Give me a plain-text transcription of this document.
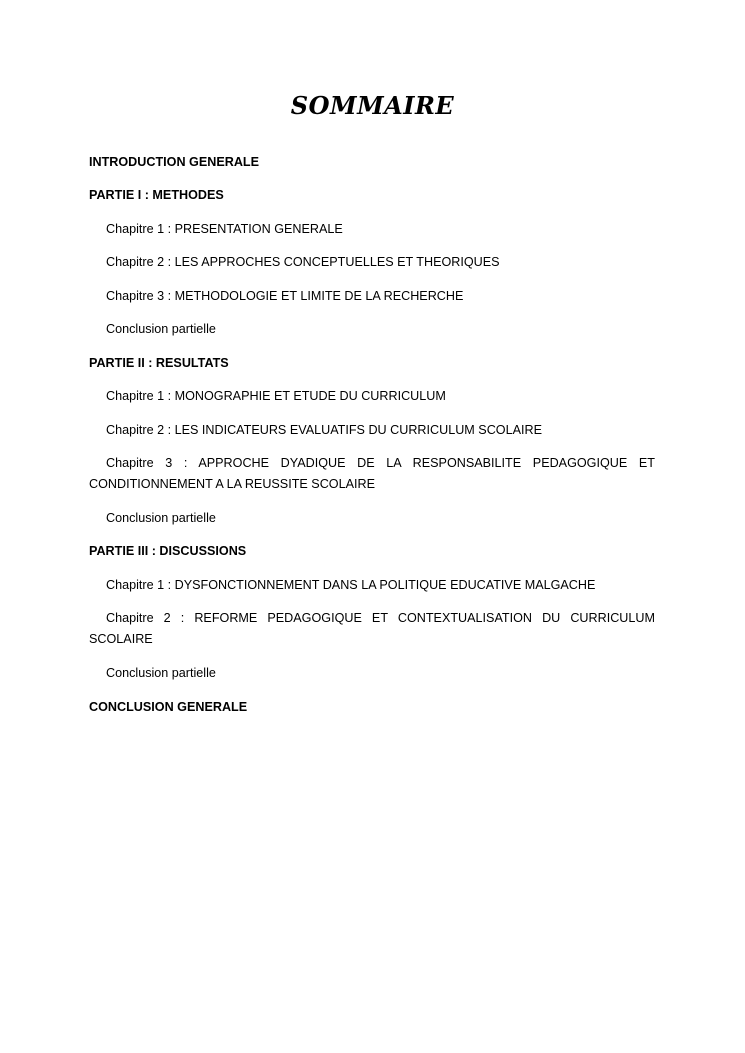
SOMMAIRE
INTRODUCTION GENERALE
PARTIE I : METHODES
Chapitre 1 : PRESENTATION GENERALE
Chapitre 2 : LES APPROCHES CONCEPTUELLES ET THEORIQUES
Chapitre 3 : METHODOLOGIE ET LIMITE DE LA RECHERCHE
Conclusion partielle
PARTIE II : RESULTATS
Chapitre 1 : MONOGRAPHIE ET ETUDE DU CURRICULUM
Chapitre 2 : LES INDICATEURS EVALUATIFS DU CURRICULUM SCOLAIRE
Chapitre 3 : APPROCHE DYADIQUE DE LA RESPONSABILITE PEDAGOGIQUE ET CONDITIONNEMENT A LA REUSSITE SCOLAIRE
Conclusion partielle
PARTIE III : DISCUSSIONS
Chapitre 1 : DYSFONCTIONNEMENT DANS LA POLITIQUE EDUCATIVE MALGACHE
Chapitre 2 : REFORME PEDAGOGIQUE ET CONTEXTUALISATION DU CURRICULUM SCOLAIRE
Conclusion partielle
CONCLUSION GENERALE
